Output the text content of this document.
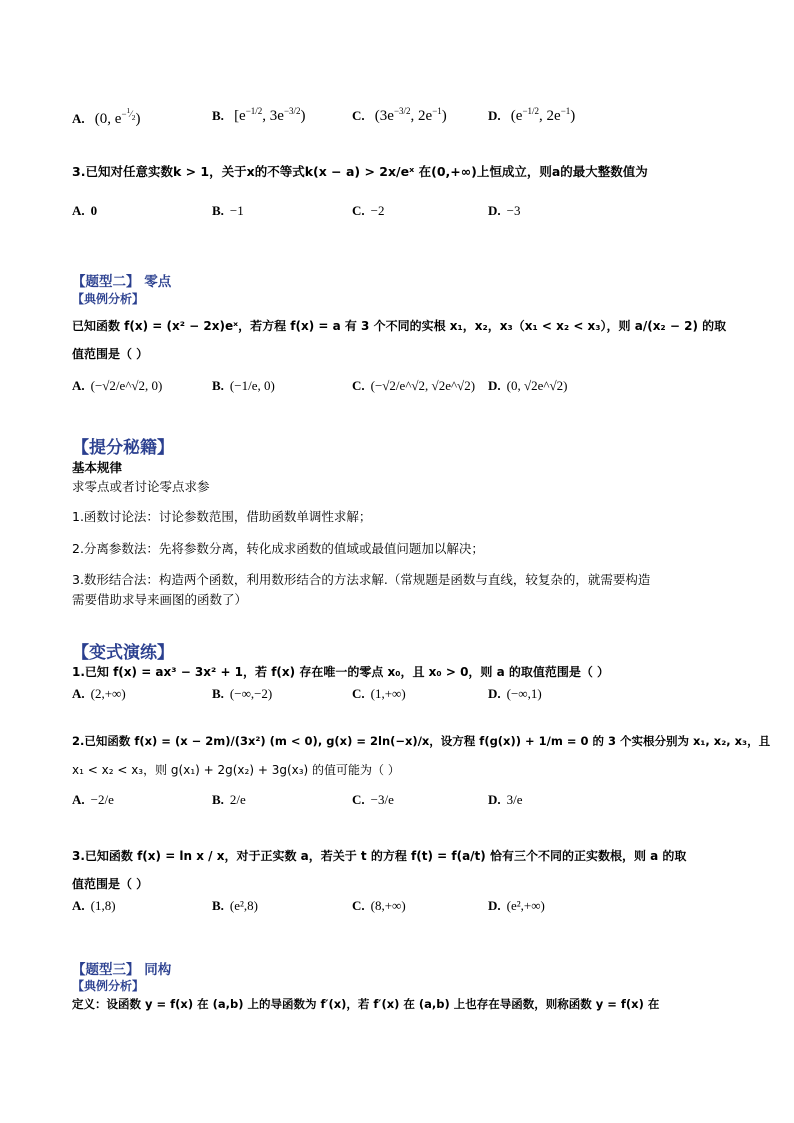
A. (0, $e^{-^1⁄_2}$)	B. [$e^{-1/2}$, $3e^{-3/2}$)	C. ($3e^{-3/2}$, $2e^{-1}$)	D. ($e^{-1/2}$, $2e^{-1}$)
3.已知对任意实数k > 1，关于x的不等式k(x − a) > 2x/eˣ 在(0,+∞)上恒成立，则a的最大整数值为
A. 0	B. −1	C. −2	D. −3
【题型二】 零点
【典例分析】
已知函数 f(x) = (x² − 2x)eˣ，若方程 f(x) = a 有 3 个不同的实根 x₁，x₂，x₃（x₁ < x₂ < x₃），则 a/(x₂ − 2) 的取
值范围是（ ）
A. (−√2/e^√2, 0)	B. (−1/e, 0)	C. (−√2/e^√2, √2e^√2) D. (0, √2e^√2)
【提分秘籍】
基本规律
求零点或者讨论零点求参
1.函数讨论法：讨论参数范围，借助函数单调性求解；
2.分离参数法：先将参数分离，转化成求函数的值域或最值问题加以解决；
3.数形结合法：构造两个函数，利用数形结合的方法求解.（常规题是函数与直线，较复杂的，就需要构造
需要借助求导来画图的函数了）
【变式演练】
1.已知 f(x) = ax³ − 3x² + 1，若 f(x) 存在唯一的零点 x₀，且 x₀ > 0，则 a 的取值范围是（ ）
A. (2,+∞)	B. (−∞,−2)	C. (1,+∞)	D. (−∞,1)
2.已知函数 f(x) = (x − 2m)/(3x²) (m < 0), g(x) = 2ln(−x)/x，设方程 f(g(x)) + 1/m = 0 的 3 个实根分别为 x₁, x₂, x₃，且
x₁ < x₂ < x₃，则 g(x₁) + 2g(x₂) + 3g(x₃) 的值可能为（ ）
A. −2/e	B. 2/e	C. −3/e	D. 3/e
3.已知函数 f(x) = ln x / x，对于正实数 a，若关于 t 的方程 f(t) = f(a/t) 恰有三个不同的正实数根，则 a 的取
值范围是（ ）
A. (1,8)	B. (e²,8)	C. (8,+∞)	D. (e²,+∞)
【题型三】 同构
【典例分析】
定义：设函数 y = f(x) 在 (a,b) 上的导函数为 f′(x)，若 f′(x) 在 (a,b) 上也存在导函数，则称函数 y = f(x) 在
